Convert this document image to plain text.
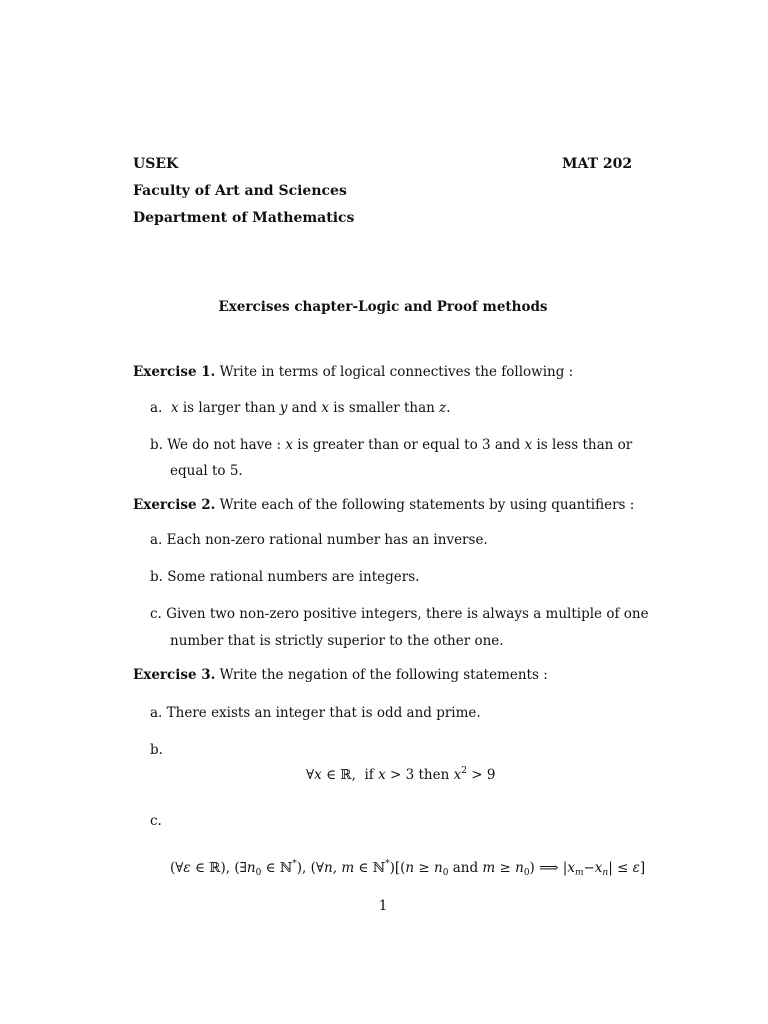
USEK	MAT 202
Faculty of Art and Sciences
Department of Mathematics
Exercises chapter-Logic and Proof methods
Exercise 1. Write in terms of logical connectives the following :
a. x is larger than y and x is smaller than z.
b. We do not have : x is greater than or equal to 3 and x is less than or
equal to 5.
Exercise 2. Write each of the following statements by using quantifiers :
a. Each non-zero rational number has an inverse.
b. Some rational numbers are integers.
c. Given two non-zero positive integers, there is always a multiple of one
number that is strictly superior to the other one.
Exercise 3. Write the negation of the following statements :
a. There exists an integer that is odd and prime.
b.
∀x ∈ ℝ,  if x > 3 then $x^2 > 9$
c.
(∀ε ∈ ℝ), ($\exists n_0$ ∈ ℕ*), (∀n, m ∈ ℕ*)[(n ≥ $n_0$ and $m \ge n_0$) ⟹ $|x_m-x_n| \le \varepsilon$]
1
